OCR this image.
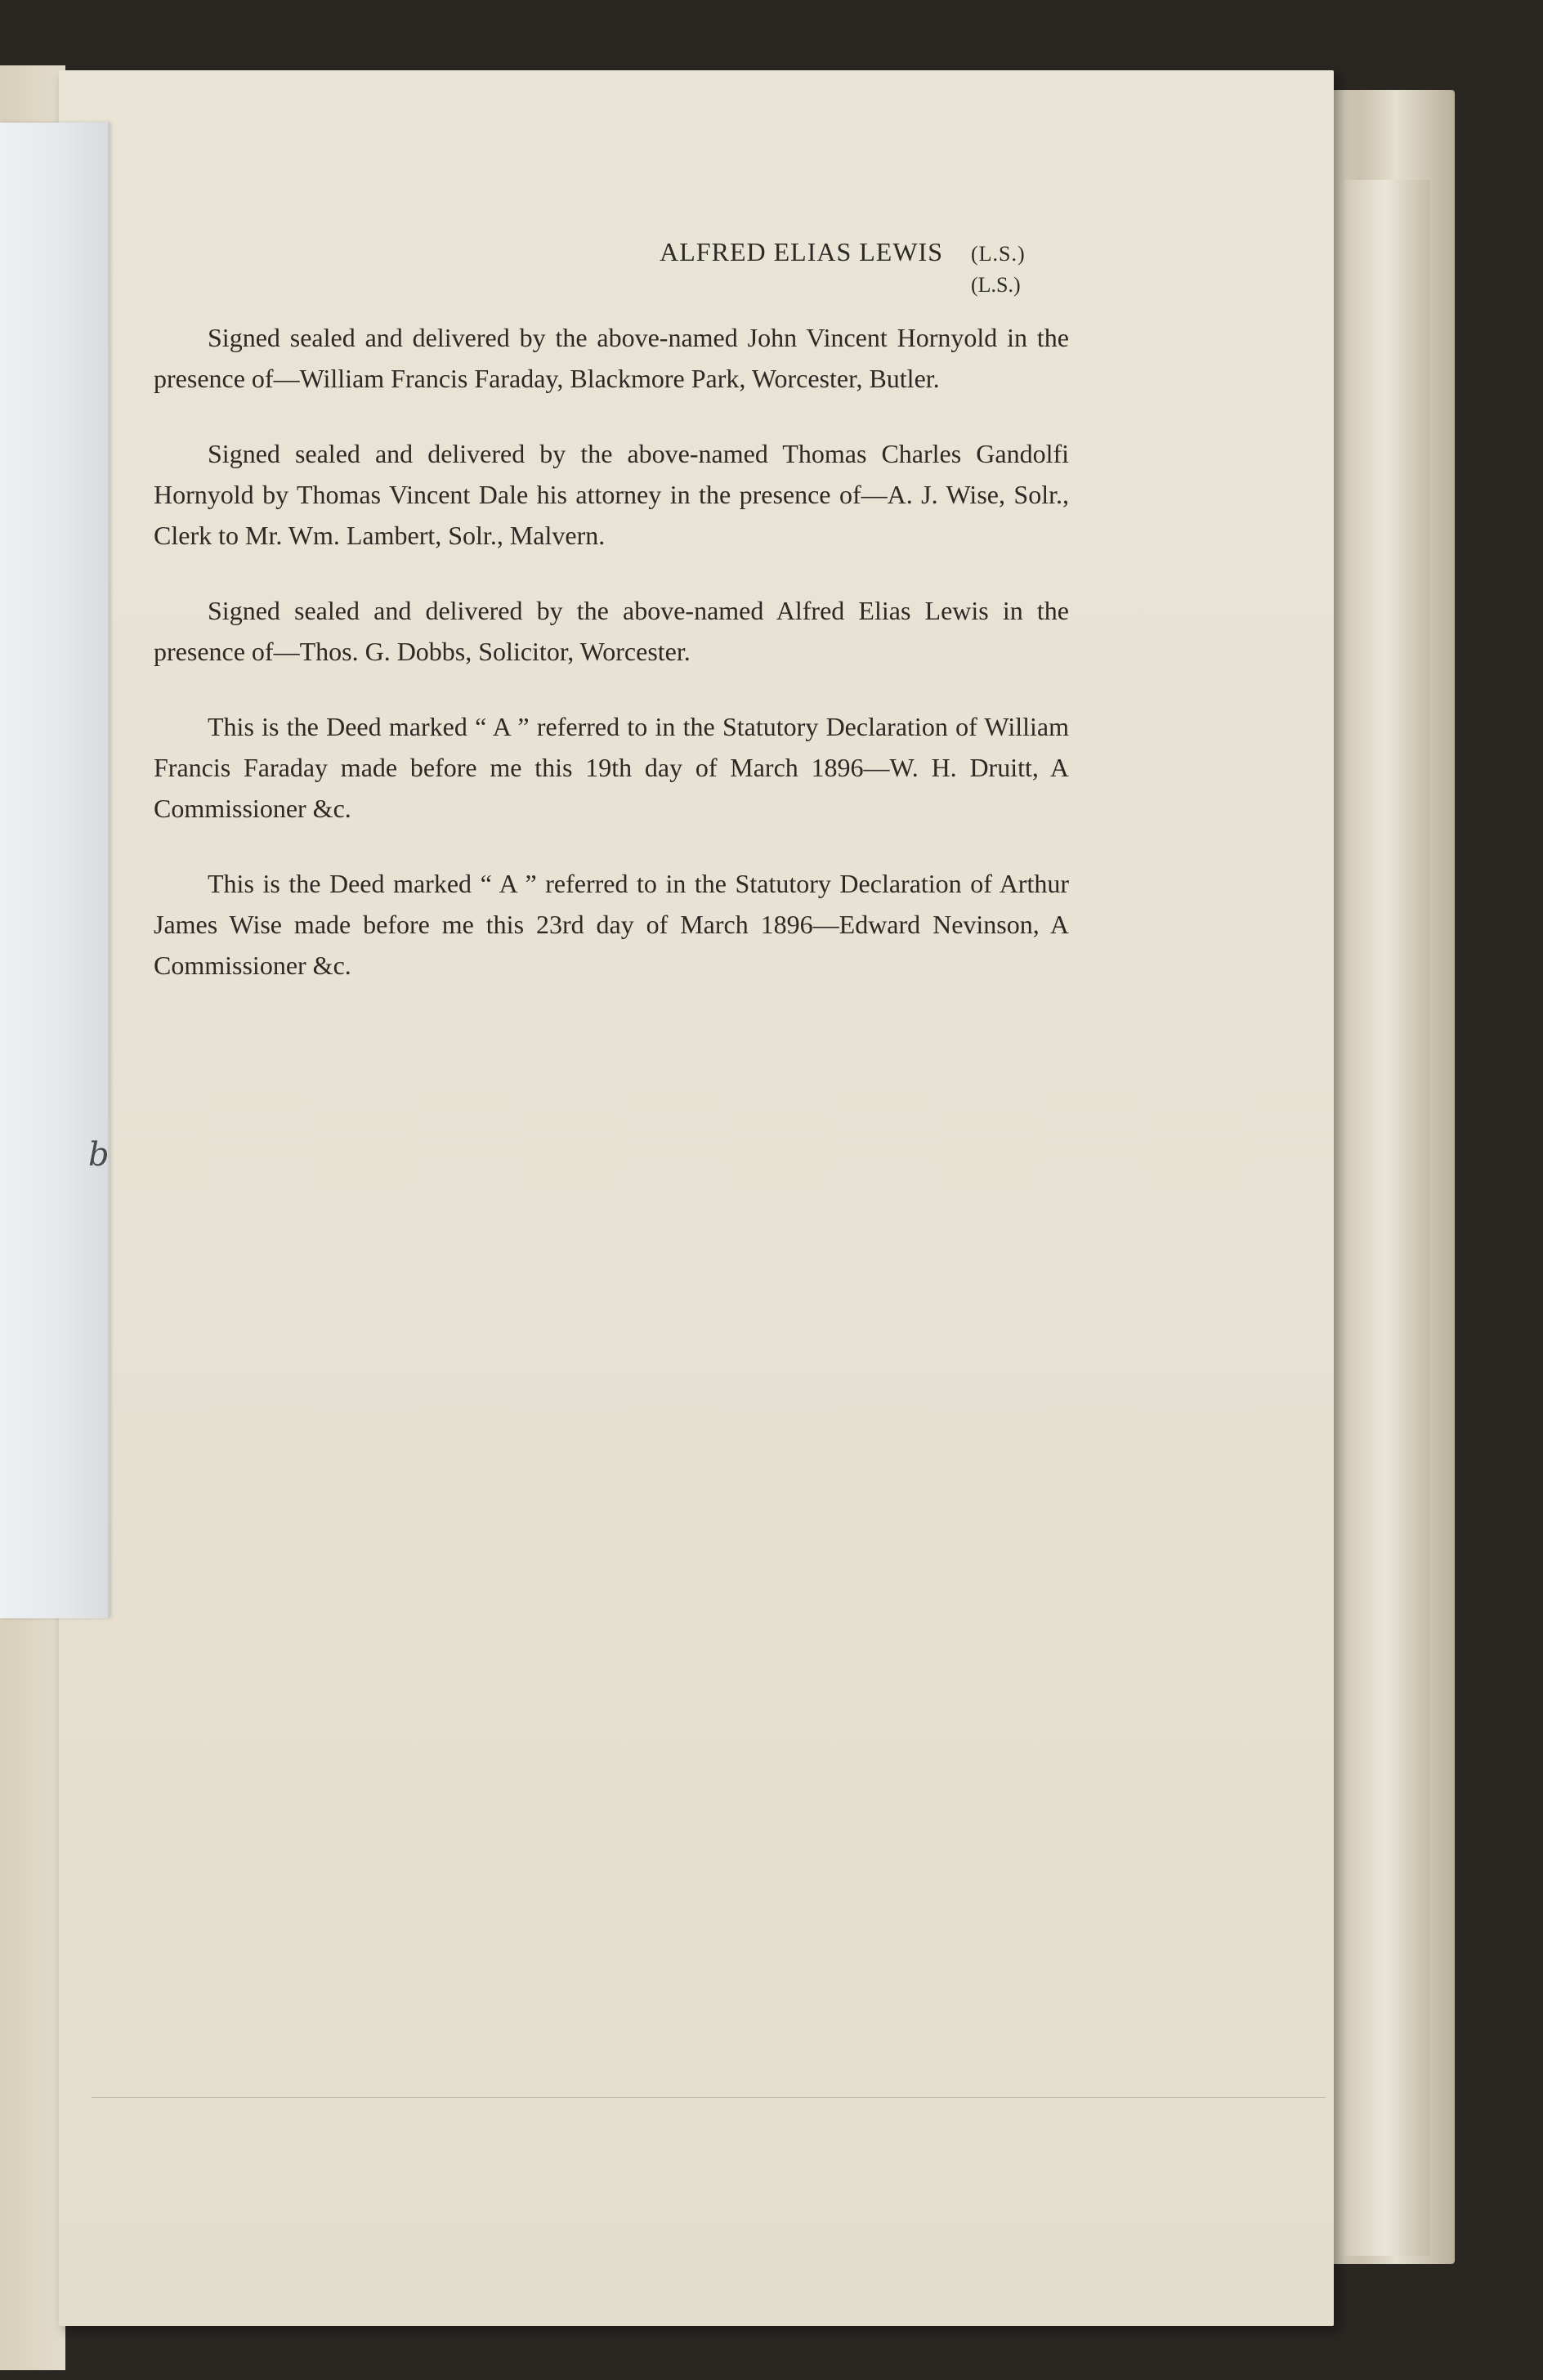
b
ALFRED ELIAS LEWIS (L.S.)
(L.S.)

Signed sealed and delivered by the above-named John Vincent Hornyold in the presence of—William Francis Faraday, Blackmore Park, Worcester, Butler.

Signed sealed and delivered by the above-named Thomas Charles Gandolfi Hornyold by Thomas Vincent Dale his attorney in the presence of—A. J. Wise, Solr., Clerk to Mr. Wm. Lambert, Solr., Malvern.

Signed sealed and delivered by the above-named Alfred Elias Lewis in the presence of—Thos. G. Dobbs, Solicitor, Worcester.

This is the Deed marked “ A ” referred to in the Statutory Declaration of William Francis Faraday made before me this 19th day of March 1896—W. H. Druitt, A Commissioner &c.

This is the Deed marked “ A ” referred to in the Statutory Declaration of Arthur James Wise made before me this 23rd day of March 1896—Edward Nevinson, A Commissioner &c.
